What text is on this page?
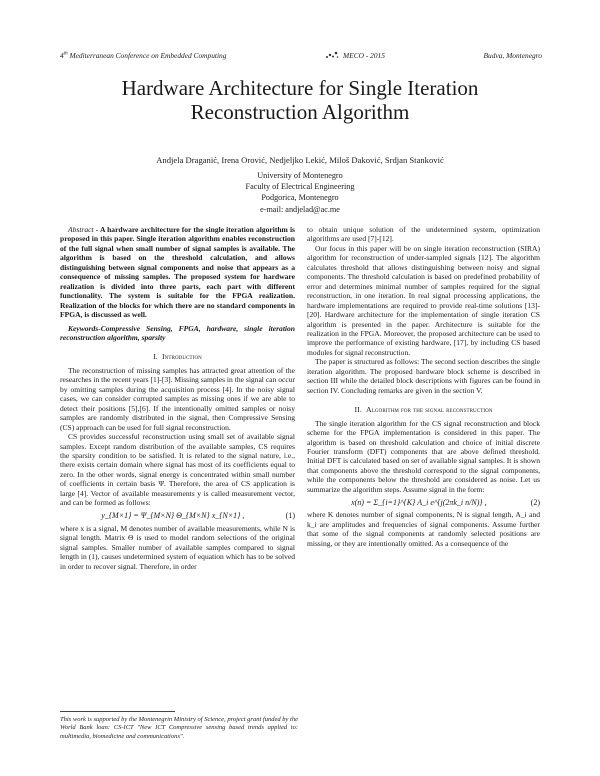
4th Mediterranean Conference on Embedded Computing	MECO - 2015	Budva, Montenegro
Hardware Architecture for Single Iteration
Reconstruction Algorithm
Andjela Draganić, Irena Orović, Nedjeljko Lekić, Miloš Daković, Srdjan Stanković
University of Montenegro
Faculty of Electrical Engineering
Podgorica, Montenegro
e-mail: andjelad@ac.me

Abstract - A hardware architecture for the single iteration algorithm is proposed in this paper. Single iteration algorithm enables reconstruction of the full signal when small number of signal samples is available. The algorithm is based on the threshold calculation, and allows distinguishing between signal components and noise that appears as a consequence of missing samples. The proposed system for hardware realization is divided into three parts, each part with different functionality. The system is suitable for the FPGA realization. Realization of the blocks for which there are no standard components in FPGA, is discussed as well.

Keywords-Compressive Sensing, FPGA, hardware, single iteration reconstruction algorithm, sparsity

I. Introduction

The reconstruction of missing samples has attracted great attention of the researches in the recent years [1]-[3]. Missing samples in the signal can occur by omitting samples during the acquisition process [4]. In the noisy signal cases, we can consider corrupted samples as missing ones if we are able to detect their positions [5],[6]. If the intentionally omitted samples or noisy samples are randomly distributed in the signal, then Compressive Sensing (CS) approach can be used for full signal reconstruction.

CS provides successful reconstruction using small set of available signal samples. Except random distribution of the available samples, CS requires the sparsity condition to be satisfied. It is related to the signal nature, i.e., there exists certain domain where signal has most of its coefficients equal to zero. In the other words, signal energy is concentrated within small number of coefficients in certain basis Ψ. Therefore, the area of CS application is large [4]. Vector of available measurements y is called measurement vector, and can be formed as follows:

y_{M×1} = Ψ_{M×N} Θ_{M×N} x_{N×1} ,	(1)

where x is a signal, M denotes number of available measurements, while N is signal length. Matrix Θ is used to model random selections of the original signal samples. Smaller number of available samples compared to signal length in (1), causes undetermined system of equation which has to be solved in order to recover signal. Therefore, in order

to obtain unique solution of the undetermined system, optimization algorithms are used [7]-[12].

Our focus in this paper will be on single iteration reconstruction (SIRA) algorithm for reconstruction of under-sampled signals [12]. The algorithm calculates threshold that allows distinguishing between noisy and signal components. The threshold calculation is based on predefined probability of error and determines minimal number of samples required for the signal reconstruction, in one iteration. In real signal processing applications, the hardware implementations are required to provide real-time solutions [13]-[20]. Hardware architecture for the implementation of single iteration CS algorithm is presented in the paper. Architecture is suitable for the realization in the FPGA. Moreover, the proposed architecture can be used to improve the performance of existing hardware, [17], by including CS based modules for signal reconstruction.

The paper is structured as follows: The second section describes the single iteration algorithm. The proposed hardware block scheme is described in section III while the detailed block descriptions with figures can be found in section IV. Concluding remarks are given in the section V.

II. Algorithm for the signal reconstruction

The single iteration algorithm for the CS signal reconstruction and block scheme for the FPGA implementation is considered in this paper. The algorithm is based on threshold calculation and choice of initial discrete Fourier transform (DFT) components that are above defined threshold. Initial DFT is calculated based on set of available signal samples. It is shown that components above the threshold correspond to the signal components, while the components below the threshold are considered as noise. Let us summarize the algorithm steps. Assume signal in the form:

x(n) = Σ_{i=1}^{K} A_i e^{j(2πk_i n/N)} ,	(2)

where K denotes number of signal components, N is signal length, A_i and k_i are amplitudes and frequencies of signal components. Assume further that some of the signal components at randomly selected positions are missing, or they are intentionally omitted. As a consequence of the

This work is supported by the Montenegrin Ministry of Science, project grant funded by the World Bank loan: CS-ICT "New ICT Compressive sensing based trends applied to: multimedia, biomedicine and communications".
